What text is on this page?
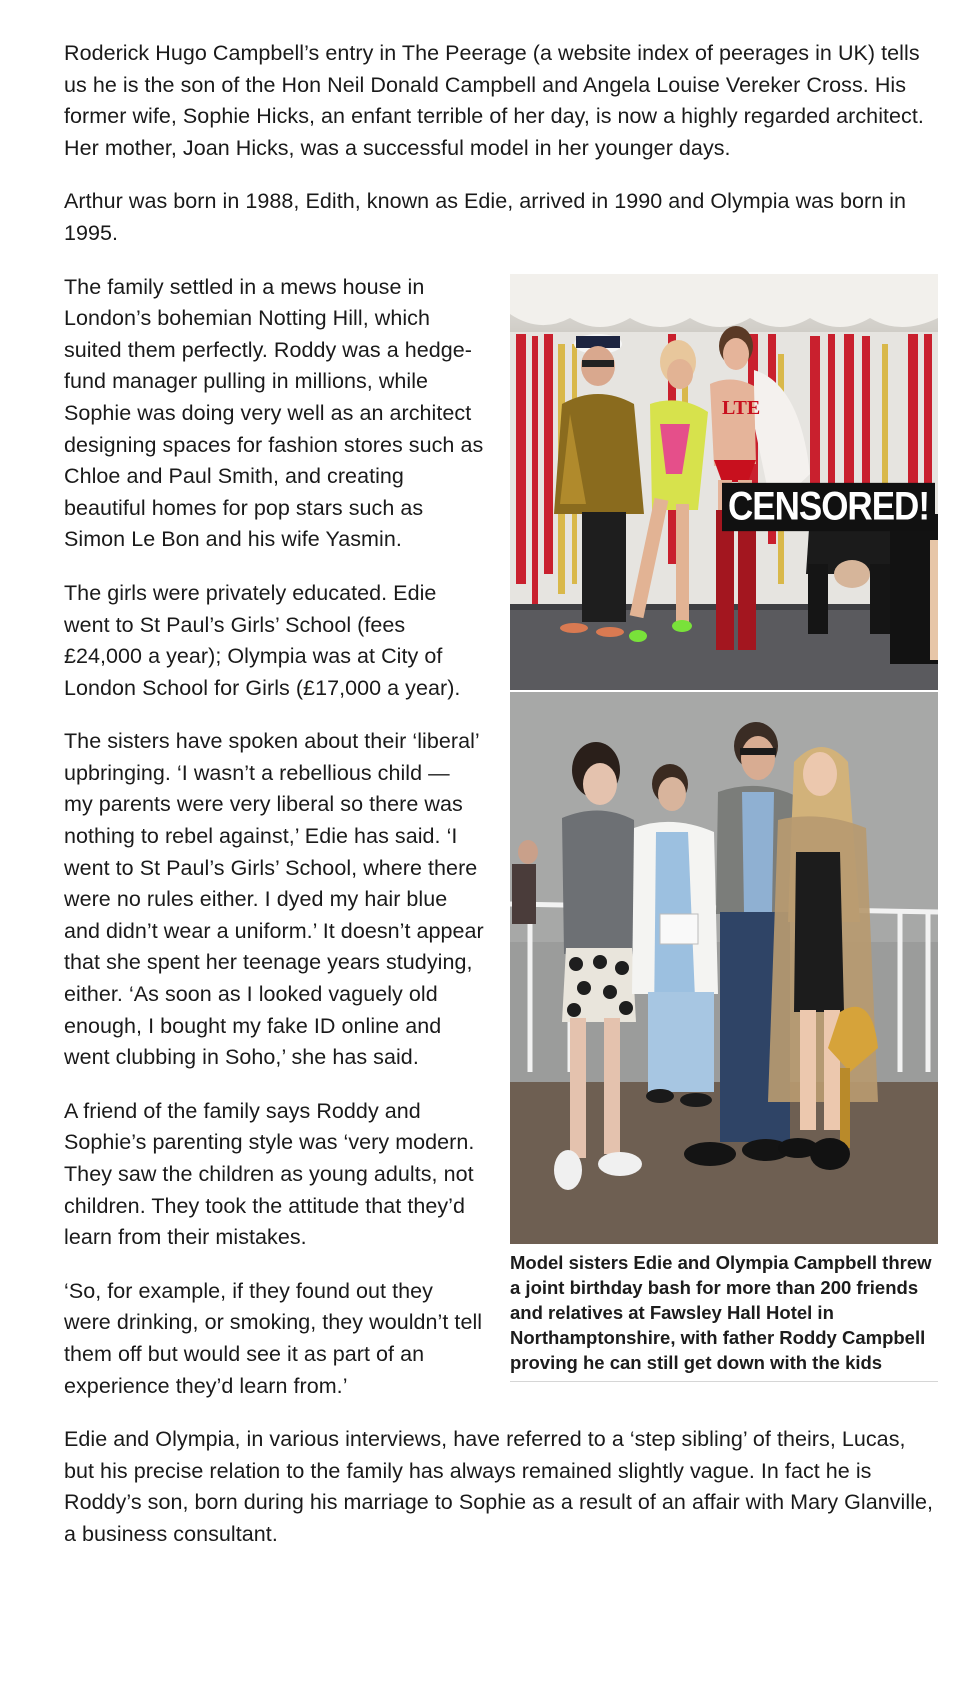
Roderick Hugo Campbell’s entry in The Peerage (a website index of peerages in UK) tells us he is the son of the Hon Neil Donald Campbell and Angela Louise Vereker Cross. His former wife, Sophie Hicks, an enfant terrible of her day, is now a highly regarded architect. Her mother, Joan Hicks, was a successful model in her younger days.

Arthur was born in 1988, Edith, known as Edie, arrived in 1990 and Olympia was born in 1995.

LTE
CENSORED!
Model sisters Edie and Olympia Campbell threw a joint birthday bash for more than 200 friends and relatives at Fawsley Hall Hotel in Northamptonshire, with father Roddy Campbell proving he can still get down with the kids

The family settled in a mews house in London’s bohemian Notting Hill, which suited them perfectly. Roddy was a hedge-fund manager pulling in millions, while Sophie was doing very well as an architect designing spaces for fashion stores such as Chloe and Paul Smith, and creating beautiful homes for pop stars such as Simon Le Bon and his wife Yasmin.

The girls were privately educated. Edie went to St Paul’s Girls’ School (fees £24,000 a year); Olympia was at City of London School for Girls (£17,000 a year).

The sisters have spoken about their ‘liberal’ upbringing. ‘I wasn’t a rebellious child — my parents were very liberal so there was nothing to rebel against,’ Edie has said. ‘I went to St Paul’s Girls’ School, where there were no rules either. I dyed my hair blue and didn’t wear a uniform.’ It doesn’t appear that she spent her teenage years studying, either. ‘As soon as I looked vaguely old enough, I bought my fake ID online and went clubbing in Soho,’ she has said.

A friend of the family says Roddy and Sophie’s parenting style was ‘very modern. They saw the children as young adults, not children. They took the attitude that they’d learn from their mistakes.

‘So, for example, if they found out they were drinking, or smoking, they wouldn’t tell them off but would see it as part of an experience they’d learn from.’

Edie and Olympia, in various interviews, have referred to a ‘step sibling’ of theirs, Lucas, but his precise relation to the family has always remained slightly vague. In fact he is Roddy’s son, born during his marriage to Sophie as a result of an affair with Mary Glanville, a business consultant.
